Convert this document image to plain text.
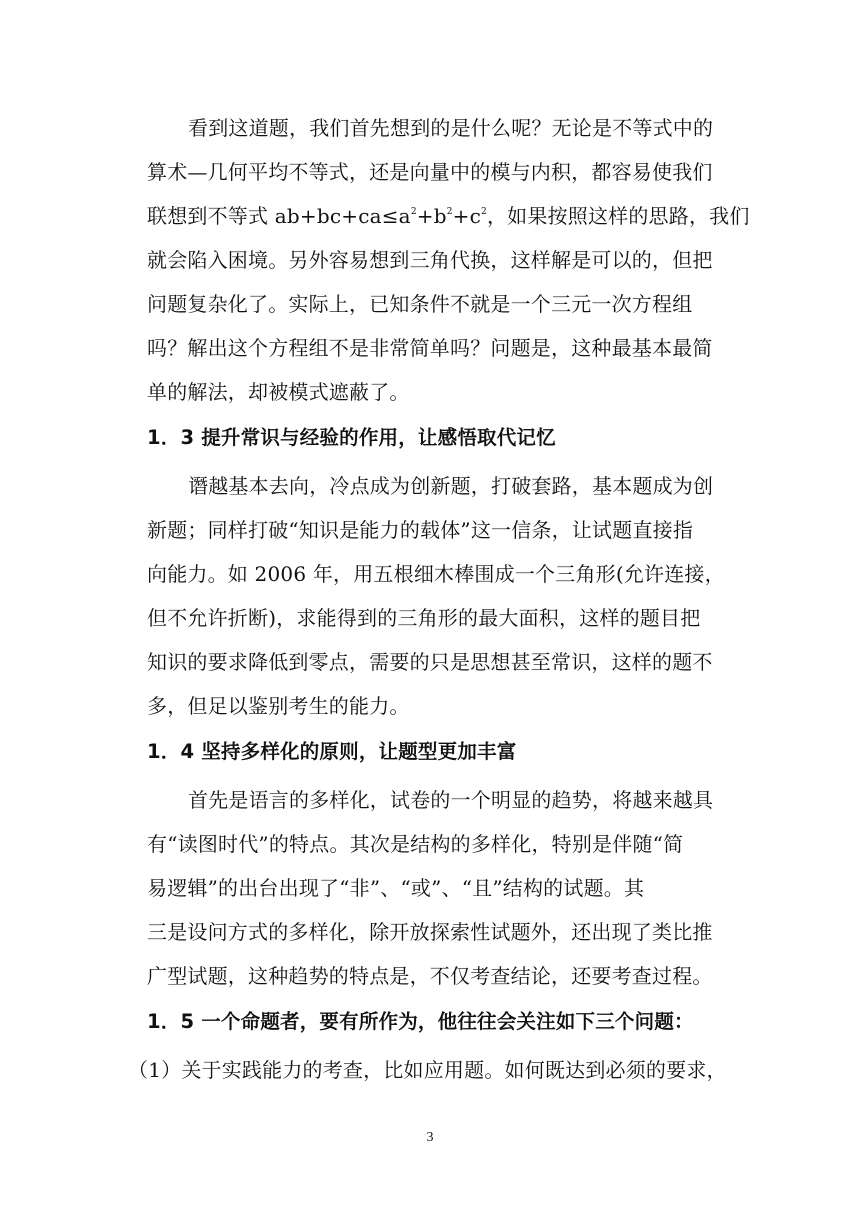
看到这道题，我们首先想到的是什么呢？无论是不等式中的
算术—几何平均不等式，还是向量中的模与内积，都容易使我们
联想到不等式 $ab+bc+ca\le a^2+b^2+c^2$，如果按照这样的思路，我们
就会陷入困境。另外容易想到三角代换，这样解是可以的，但把
问题复杂化了。实际上，已知条件不就是一个三元一次方程组
吗？解出这个方程组不是非常简单吗？问题是，这种最基本最简
单的解法，却被模式遮蔽了。
1．3 提升常识与经验的作用，让感悟取代记忆
谮越基本去向，冷点成为创新题，打破套路，基本题成为创
新题；同样打破“知识是能力的载体”这一信条，让试题直接指
向能力。如 2006 年，用五根细木棒围成一个三角形(允许连接，
但不允许折断)，求能得到的三角形的最大面积，这样的题目把
知识的要求降低到零点，需要的只是思想甚至常识，这样的题不
多，但足以鉴别考生的能力。
1．4 坚持多样化的原则，让题型更加丰富
首先是语言的多样化，试卷的一个明显的趋势，将越来越具
有“读图时代”的特点。其次是结构的多样化，特别是伴随“简
易逻辑”的出台出现了“非”、“或”、“且”结构的试题。其
三是设问方式的多样化，除开放探索性试题外，还出现了类比推
广型试题，这种趋势的特点是，不仅考查结论，还要考查过程。
1．5 一个命题者，要有所作为，他往往会关注如下三个问题：
（1）关于实践能力的考查，比如应用题。如何既达到必须的要求，
3
